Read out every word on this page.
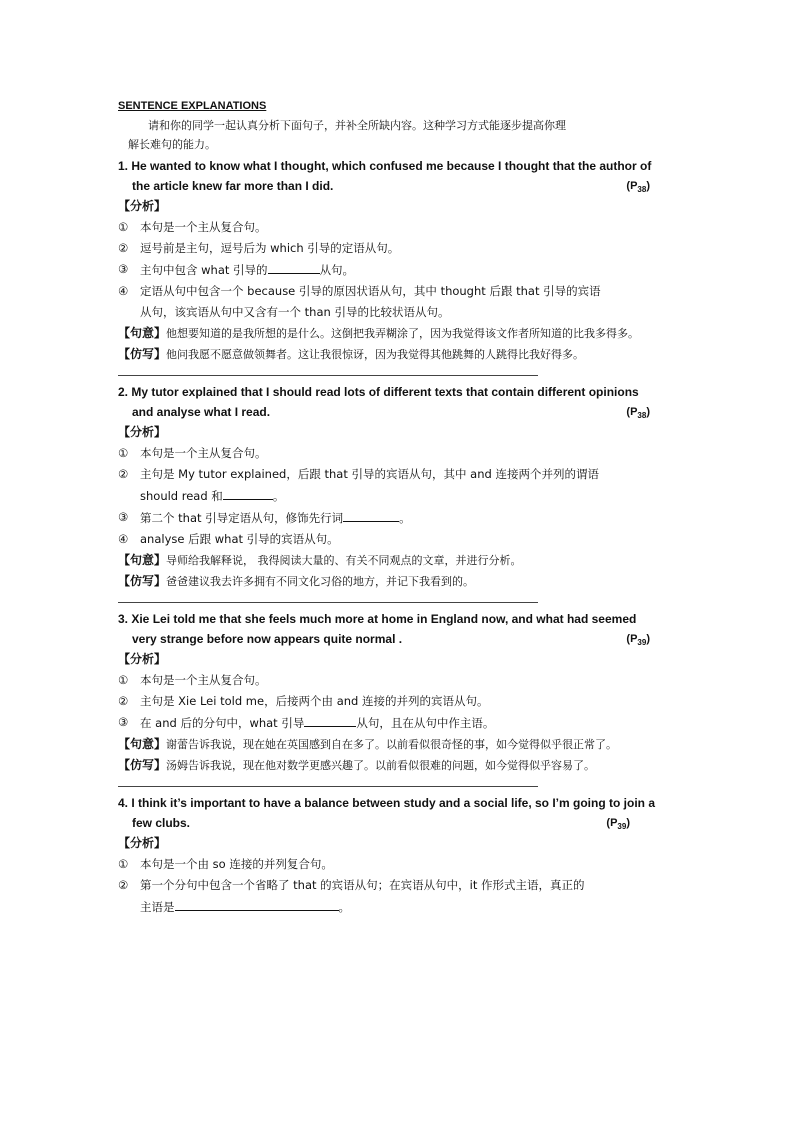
SENTENCE EXPLANATIONS
请和你的同学一起认真分析下面句子，并补全所缺内容。这种学习方式能逐步提高你理
解长难句的能力。
1. He wanted to know what I thought, which confused me because I thought that the author of
the article knew far more than I did.	$(P_{38})$
【分析】
① 本句是一个主从复合句。
② 逗号前是主句，逗号后为 which 引导的定语从句。
③ 主句中包含 what 引导的	从句。
④ 定语从句中包含一个 because 引导的原因状语从句，其中 thought 后跟 that 引导的宾语
从句，该宾语从句中又含有一个 than 引导的比较状语从句。
【句意】他想要知道的是我所想的是什么。这倒把我弄糊涂了，因为我觉得该文作者所知道的比我多得多。
【仿写】他问我愿不愿意做领舞者。这让我很惊讶，因为我觉得其他跳舞的人跳得比我好得多。
2. My tutor explained that I should read lots of different texts that contain different opinions
and analyse what I read.	$(P_{38})$
【分析】
① 本句是一个主从复合句。
② 主句是 My tutor explained，后跟 that 引导的宾语从句，其中 and 连接两个并列的谓语
should read 和	。
③ 第二个 that 引导定语从句，修饰先行词	。
④ analyse 后跟 what 引导的宾语从句。
【句意】导师给我解释说， 我得阅读大量的、有关不同观点的文章，并进行分析。
【仿写】爸爸建议我去许多拥有不同文化习俗的地方，并记下我看到的。
3. Xie Lei told me that she feels much more at home in England now, and what had seemed
very strange before now appears quite normal .	$(P_{39})$
【分析】
① 本句是一个主从复合句。
② 主句是 Xie Lei told me，后接两个由 and 连接的并列的宾语从句。
③ 在 and 后的分句中，what 引导	从句，且在从句中作主语。
【句意】谢蕾告诉我说，现在她在英国感到自在多了。以前看似很奇怪的事，如今觉得似乎很正常了。
【仿写】汤姆告诉我说，现在他对数学更感兴趣了。以前看似很难的问题，如今觉得似乎容易了。
4. I think it’s important to have a balance between study and a social life, so I’m going to join a
few clubs.	$(P_{39})$
【分析】
① 本句是一个由 so 连接的并列复合句。
② 第一个分句中包含一个省略了 that 的宾语从句；在宾语从句中，it 作形式主语，真正的
主语是	。
